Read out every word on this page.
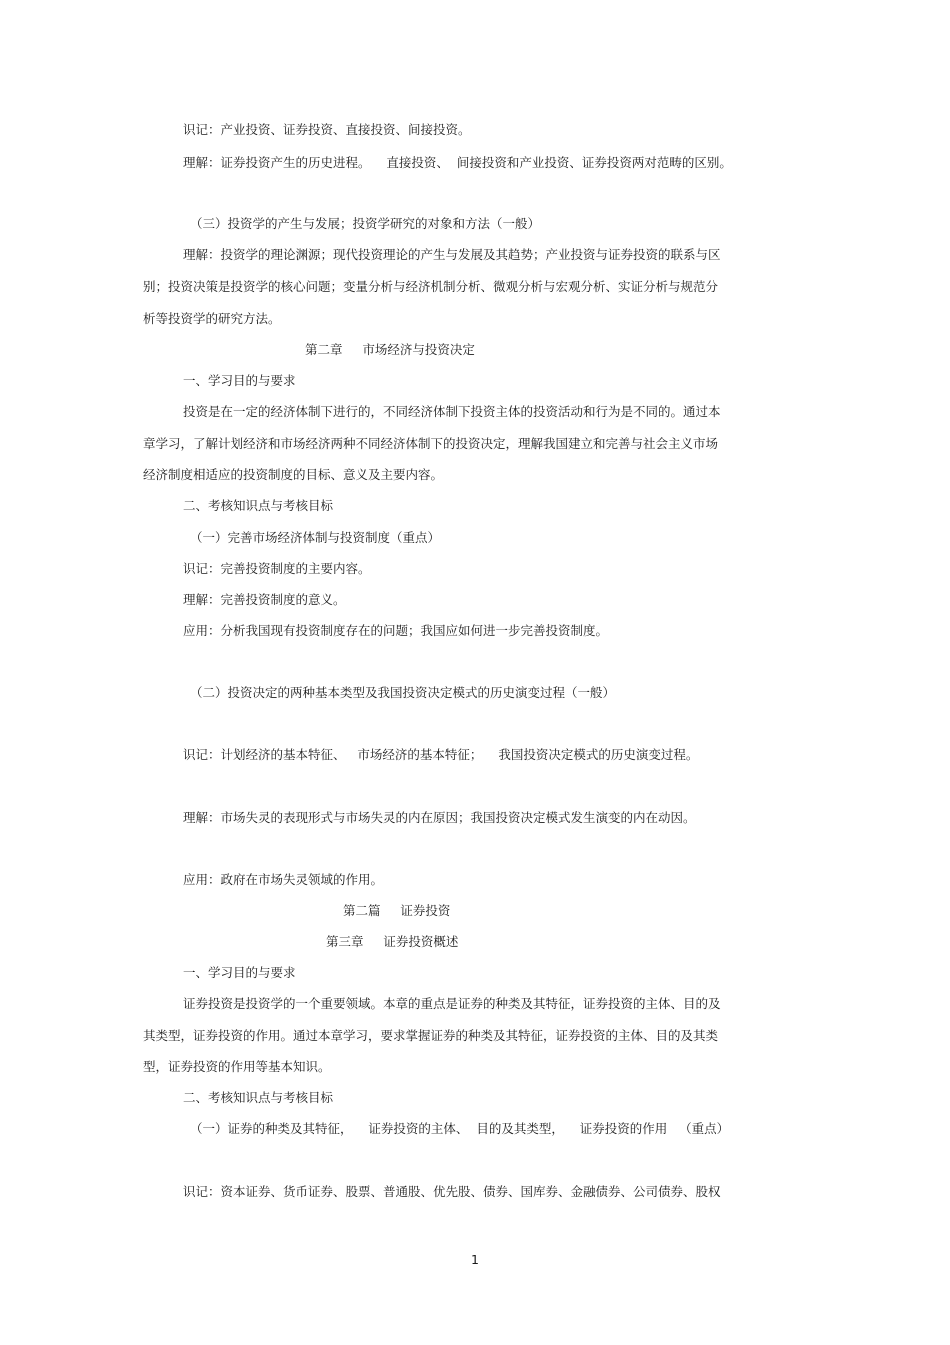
识记：产业投资、证券投资、直接投资、间接投资。
理解：证券投资产生的历史进程。    直接投资、  间接投资和产业投资、证券投资两对范畴的区别。
（三）投资学的产生与发展；投资学研究的对象和方法（一般）
理解：投资学的理论渊源；现代投资理论的产生与发展及其趋势；产业投资与证券投资的联系与区
别；投资决策是投资学的核心问题；变量分析与经济机制分析、微观分析与宏观分析、实证分析与规范分
析等投资学的研究方法。
第二章     市场经济与投资决定
一、学习目的与要求
投资是在一定的经济体制下进行的，不同经济体制下投资主体的投资活动和行为是不同的。通过本
章学习，了解计划经济和市场经济两种不同经济体制下的投资决定，理解我国建立和完善与社会主义市场
经济制度相适应的投资制度的目标、意义及主要内容。
二、考核知识点与考核目标
（一）完善市场经济体制与投资制度（重点）
识记：完善投资制度的主要内容。
理解：完善投资制度的意义。
应用：分析我国现有投资制度存在的问题；我国应如何进一步完善投资制度。
（二）投资决定的两种基本类型及我国投资决定模式的历史演变过程（一般）
识记：计划经济的基本特征、   市场经济的基本特征；    我国投资决定模式的历史演变过程。
理解：市场失灵的表现形式与市场失灵的内在原因；我国投资决定模式发生演变的内在动因。
应用：政府在市场失灵领域的作用。
第二篇     证券投资
第三章     证券投资概述
一、学习目的与要求
证券投资是投资学的一个重要领域。本章的重点是证券的种类及其特征，证券投资的主体、目的及
其类型，证券投资的作用。通过本章学习，要求掌握证券的种类及其特征，证券投资的主体、目的及其类
型，证券投资的作用等基本知识。
二、考核知识点与考核目标
（一）证券的种类及其特征，    证券投资的主体、  目的及其类型，    证券投资的作用   （重点）
识记：资本证券、货币证券、股票、普通股、优先股、债券、国库券、金融债券、公司债券、股权
1
